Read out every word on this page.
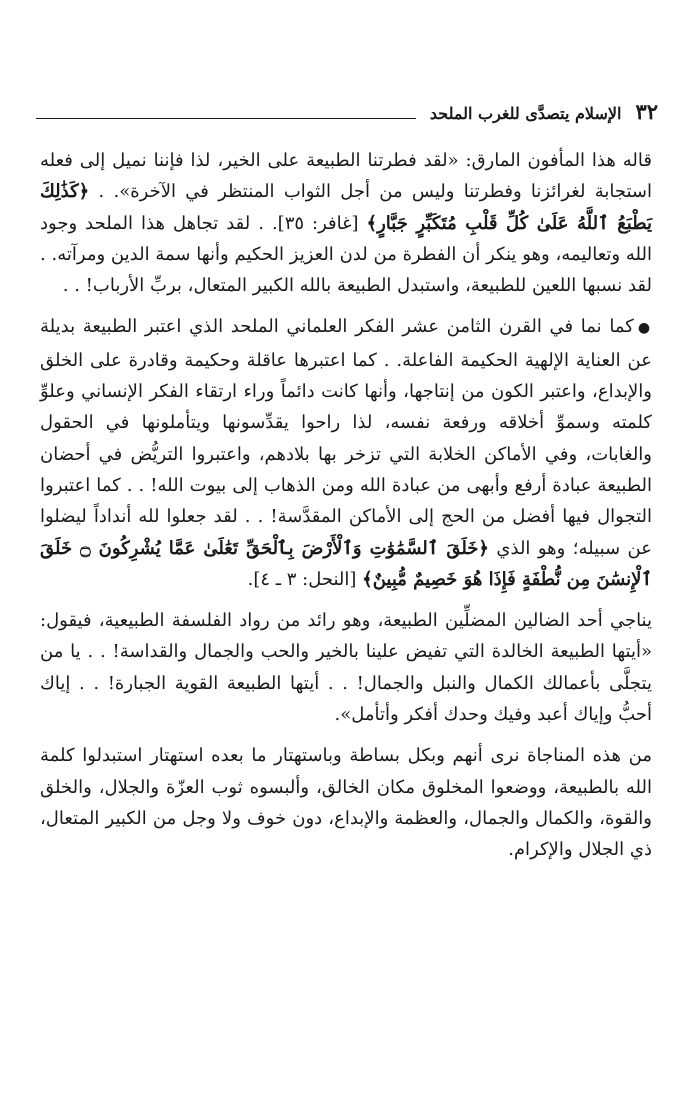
٣٢
الإسلام يتصدَّى للغرب الملحد

قاله هذا المأفون المارق: «لقد فطرتنا الطبيعة على الخير، لذا فإننا نميل إلى فعله استجابة لغرائزنا وفطرتنا وليس من أجل الثواب المنتظر في الآخرة». . ﴿كَذَٰلِكَ يَطْبَعُ ٱللَّهُ عَلَىٰ كُلِّ قَلْبِ مُتَكَبِّرٍ جَبَّارٍ﴾ [غافر: ٣٥]. . لقد تجاهل هذا الملحد وجود الله وتعاليمه، وهو ينكر أن الفطرة من لدن العزيز الحكيم وأنها سمة الدين ومرآته. . لقد نسبها اللعين للطبيعة، واستبدل الطبيعة بالله الكبير المتعال، بربِّ الأرباب! . .

●كما نما في القرن الثامن عشر الفكر العلماني الملحد الذي اعتبر الطبيعة بديلة عن العناية الإلهية الحكيمة الفاعلة. . كما اعتبرها عاقلة وحكيمة وقادرة على الخلق والإبداع، واعتبر الكون من إنتاجها، وأنها كانت دائماً وراء ارتقاء الفكر الإنساني وعلوِّ كلمته وسموِّ أخلاقه ورفعة نفسه، لذا راحوا يقدِّسونها ويتأملونها في الحقول والغابات، وفي الأماكن الخلابة التي تزخر بها بلادهم، واعتبروا التريُّض في أحضان الطبيعة عبادة أرفع وأبهى من عبادة الله ومن الذهاب إلى بيوت الله! . . كما اعتبروا التجوال فيها أفضل من الحج إلى الأماكن المقدَّسة! . . لقد جعلوا لله أنداداً ليضلوا عن سبيله؛ وهو الذي ﴿خَلَقَ ٱلسَّمَٰوَٰتِ وَٱلْأَرْضَ بِٱلْحَقِّ تَعَٰلَىٰ عَمَّا يُشْرِكُونَ ۝ خَلَقَ ٱلْإِنسَٰنَ مِن نُّطْفَةٍ فَإِذَا هُوَ خَصِيمٌ مُّبِينٌ﴾ [النحل: ٣ ـ ٤].

يناجي أحد الضالين المضلِّين الطبيعة، وهو رائد من رواد الفلسفة الطبيعية، فيقول: «أيتها الطبيعة الخالدة التي تفيض علينا بالخير والحب والجمال والقداسة! . . يا من يتجلَّى بأعمالك الكمال والنبل والجمال! . . أيتها الطبيعة القوية الجبارة! . . إياك أحبُّ وإياك أعبد وفيك وحدك أفكر وأتأمل».

من هذه المناجاة نرى أنهم وبكل بساطة وباستهتار ما بعده استهتار استبدلوا كلمة الله بالطبيعة، ووضعوا المخلوق مكان الخالق، وألبسوه ثوب العزّة والجلال، والخلق والقوة، والكمال والجمال، والعظمة والإبداع، دون خوف ولا وجل من الكبير المتعال، ذي الجلال والإكرام.
